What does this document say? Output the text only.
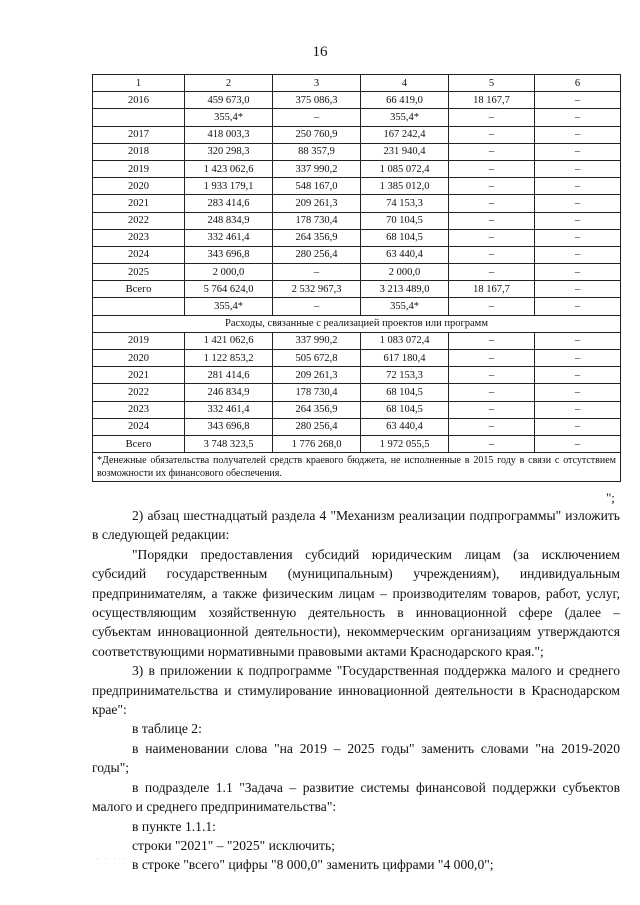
16
1	2	3	4	5	6
2016	459 673,0	375 086,3	66 419,0	18 167,7	–
	355,4*	–	355,4*	–	–
2017	418 003,3	250 760,9	167 242,4	–	–
2018	320 298,3	88 357,9	231 940,4	–	–
2019	1 423 062,6	337 990,2	1 085 072,4	–	–
2020	1 933 179,1	548 167,0	1 385 012,0	–	–
2021	283 414,6	209 261,3	74 153,3	–	–
2022	248 834,9	178 730,4	70 104,5	–	–
2023	332 461,4	264 356,9	68 104,5	–	–
2024	343 696,8	280 256,4	63 440,4	–	–
2025	2 000,0	–	2 000,0	–	–
Всего	5 764 624,0	2 532 967,3	3 213 489,0	18 167,7	–
	355,4*	–	355,4*	–	–
Расходы, связанные с реализацией проектов или программ					
2019	1 421 062,6	337 990,2	1 083 072,4	–	–
2020	1 122 853,2	505 672,8	617 180,4	–	–
2021	281 414,6	209 261,3	72 153,3	–	–
2022	246 834,9	178 730,4	68 104,5	–	–
2023	332 461,4	264 356,9	68 104,5	–	–
2024	343 696,8	280 256,4	63 440,4	–	–
Всего	3 748 323,5	1 776 268,0	1 972 055,5	–	–
*Денежные обязательства получателей средств краевого бюджета, не исполненные в 2015 году в связи с отсутствием возможности их финансового обеспечения.					
";

2) абзац шестнадцатый раздела 4 "Механизм реализации подпрограммы" изложить в следующей редакции:

"Порядки предоставления субсидий юридическим лицам (за исключением субсидий государственным (муниципальным) учреждениям), индивидуальным предпринимателям, а также физическим лицам – производителям товаров, работ, услуг, осуществляющим хозяйственную деятельность в инновационной сфере (далее – субъектам инновационной деятельности), некоммерческим организациям утверждаются соответствующими нормативными правовыми актами Краснодарского края.";

3) в приложении к подпрограмме "Государственная поддержка малого и среднего предпринимательства и стимулирование инновационной деятельности в Краснодарском крае":

в таблице 2:

в наименовании слова "на 2019 – 2025 годы" заменить словами "на 2019-2020 годы";

в подразделе 1.1 "Задача – развитие системы финансовой поддержки субъектов малого и среднего предпринимательства":

в пункте 1.1.1:

строки "2021" – "2025" исключить;

в строке "всего" цифры "8 000,0" заменить цифрами "4 000,0";

· · · ·
